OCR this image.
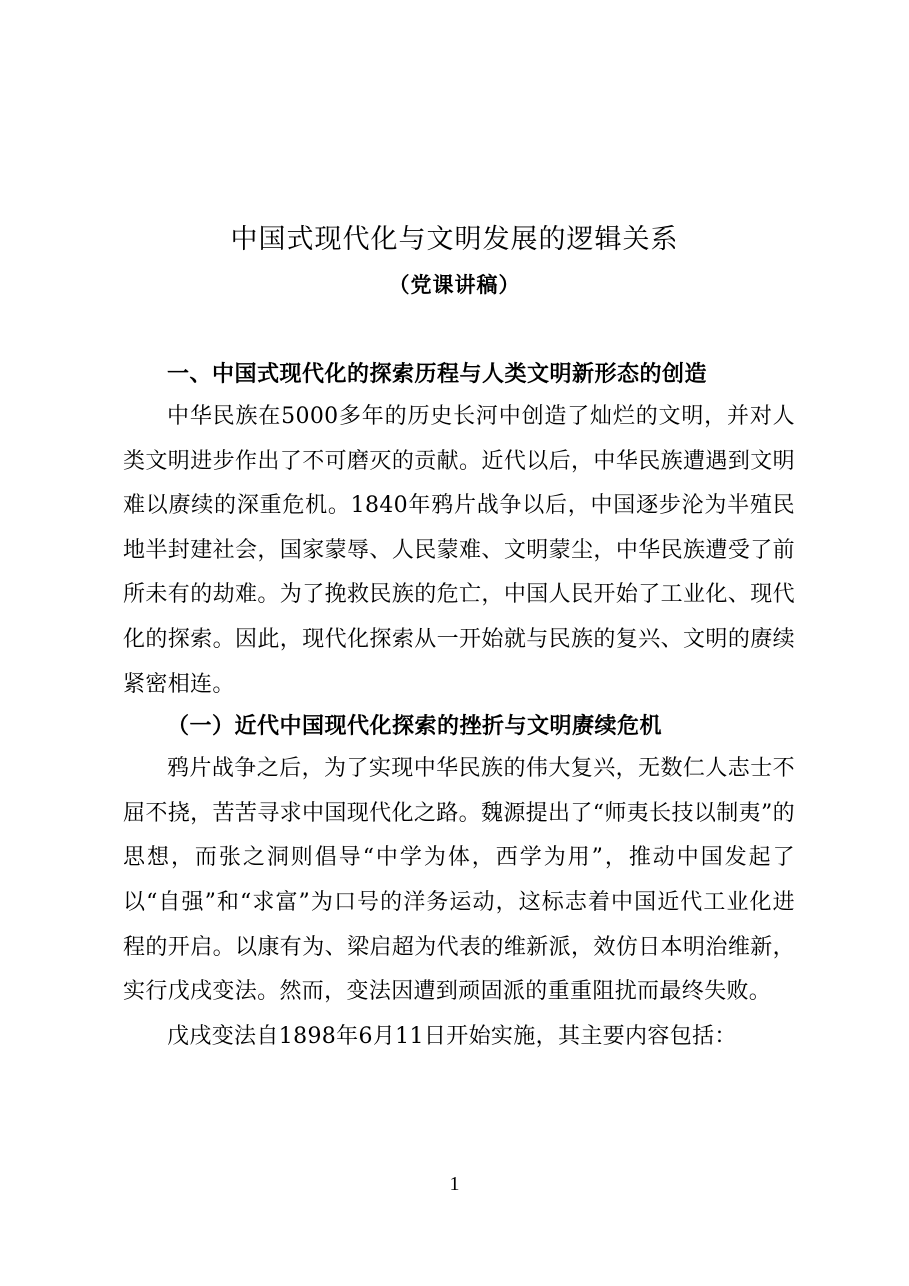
中国式现代化与文明发展的逻辑关系
（党课讲稿）

一、中国式现代化的探索历程与人类文明新形态的创造

中华民族在5000多年的历史长河中创造了灿烂的文明，并对人类文明进步作出了不可磨灭的贡献。近代以后，中华民族遭遇到文明难以赓续的深重危机。1840年鸦片战争以后，中国逐步沦为半殖民地半封建社会，国家蒙辱、人民蒙难、文明蒙尘，中华民族遭受了前所未有的劫难。为了挽救民族的危亡，中国人民开始了工业化、现代化的探索。因此，现代化探索从一开始就与民族的复兴、文明的赓续紧密相连。

（一）近代中国现代化探索的挫折与文明赓续危机

鸦片战争之后，为了实现中华民族的伟大复兴，无数仁人志士不屈不挠，苦苦寻求中国现代化之路。魏源提出了“师夷长技以制夷”的思想，而张之洞则倡导“中学为体，西学为用”，推动中国发起了以“自强”和“求富”为口号的洋务运动，这标志着中国近代工业化进程的开启。以康有为、梁启超为代表的维新派，效仿日本明治维新，实行戊戌变法。然而，变法因遭到顽固派的重重阻扰而最终失败。

戊戌变法自1898年6月11日开始实施，其主要内容包括：

1
